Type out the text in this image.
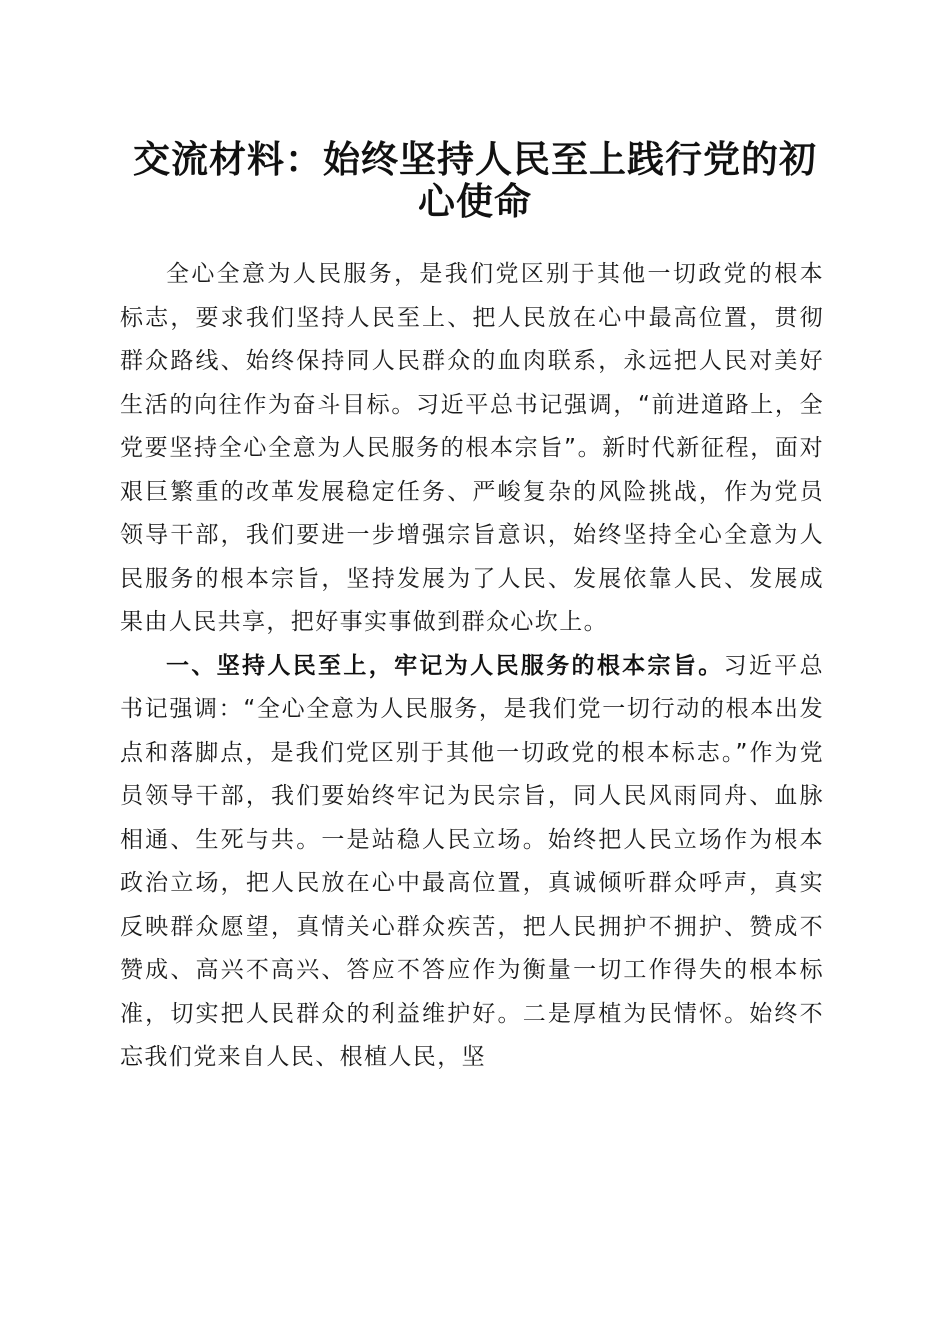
交流材料：始终坚持人民至上践行党的初心使命

全心全意为人民服务，是我们党区别于其他一切政党的根本标志，要求我们坚持人民至上、把人民放在心中最高位置，贯彻群众路线、始终保持同人民群众的血肉联系，永远把人民对美好生活的向往作为奋斗目标。习近平总书记强调，“前进道路上，全党要坚持全心全意为人民服务的根本宗旨”。新时代新征程，面对艰巨繁重的改革发展稳定任务、严峻复杂的风险挑战，作为党员领导干部，我们要进一步增强宗旨意识，始终坚持全心全意为人民服务的根本宗旨，坚持发展为了人民、发展依靠人民、发展成果由人民共享，把好事实事做到群众心坎上。

一、坚持人民至上，牢记为人民服务的根本宗旨。习近平总书记强调：“全心全意为人民服务，是我们党一切行动的根本出发点和落脚点，是我们党区别于其他一切政党的根本标志。”作为党员领导干部，我们要始终牢记为民宗旨，同人民风雨同舟、血脉相通、生死与共。一是站稳人民立场。始终把人民立场作为根本政治立场，把人民放在心中最高位置，真诚倾听群众呼声，真实反映群众愿望，真情关心群众疾苦，把人民拥护不拥护、赞成不赞成、高兴不高兴、答应不答应作为衡量一切工作得失的根本标准，切实把人民群众的利益维护好。二是厚植为民情怀。始终不忘我们党来自人民、根植人民，坚
